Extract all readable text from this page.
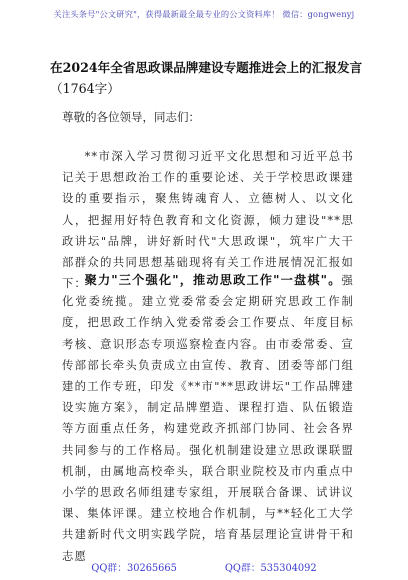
关注头条号"公文研究"，获得最新最全最专业的公文资料库！ 微信：gongwenyj
在2024年全省思政课品牌建设专题推进会上的汇报发言
（1764字）
尊敬的各位领导，同志们：
**市深入学习贯彻习近平文化思想和习近平总书记关于思想政治工作的重要论述、关于学校思政课建设的重要指示，聚焦铸魂育人、立德树人、以文化人，把握用好特色教育和文化资源，倾力建设"**思政讲坛"品牌，讲好新时代"大思政课"，筑牢广大干部群众的共同思想基础现将有关工作进展情况汇报如下：
聚力"三个强化"，推动思政工作"一盘棋"。强化党委统揽。建立党委常委会定期研究思政工作制度，把思政工作纳入党委常委会工作要点、年度目标考核、意识形态专项巡察检查内容。由市委常委、宣传部部长牵头负责成立由宣传、教育、团委等部门组建的工作专班，印发《**市"**思政讲坛"工作品牌建设实施方案》，制定品牌塑造、课程打造、队伍锻造等方面重点任务，构建党政齐抓部门协同、社会各界共同参与的工作格局。强化机制建设建立思政课联盟机制，由属地高校牵头，联合职业院校及市内重点中小学的思政名师组建专家组，开展联合备课、试讲议课、集体评课。建立校地合作机制，与**轻化工大学共建新时代文明实践学院，培育基层理论宣讲骨干和志愿
QQ群：30265665	QQ群：535304092
